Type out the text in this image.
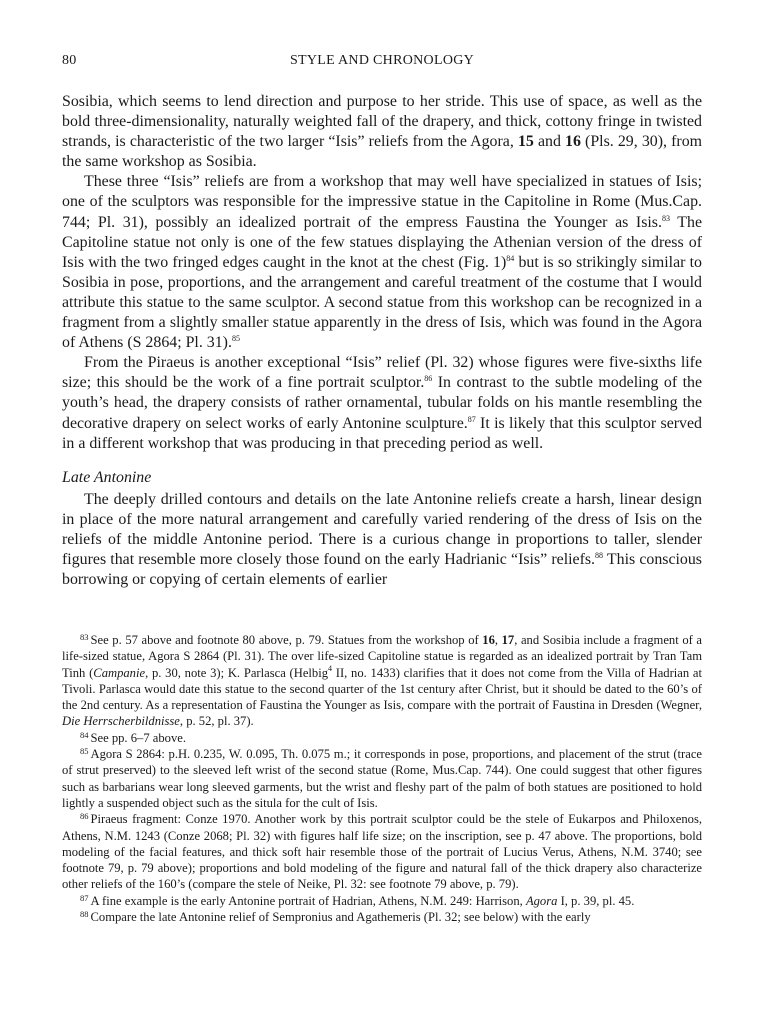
80	STYLE AND CHRONOLOGY

Sosibia, which seems to lend direction and purpose to her stride. This use of space, as well as the bold three-dimensionality, naturally weighted fall of the drapery, and thick, cottony fringe in twisted strands, is characteristic of the two larger “Isis” reliefs from the Agora, 15 and 16 (Pls. 29, 30), from the same workshop as Sosibia.

These three “Isis” reliefs are from a workshop that may well have specialized in statues of Isis; one of the sculptors was responsible for the impressive statue in the Capitoline in Rome (Mus.Cap. 744; Pl. 31), possibly an idealized portrait of the empress Faustina the Younger as Isis.$^{83}$ The Capitoline statue not only is one of the few statues displaying the Athenian version of the dress of Isis with the two fringed edges caught in the knot at the chest (Fig. 1)$^{84}$ but is so strikingly similar to Sosibia in pose, proportions, and the arrangement and careful treatment of the costume that I would attribute this statue to the same sculptor. A second statue from this workshop can be recognized in a fragment from a slightly smaller statue apparently in the dress of Isis, which was found in the Agora of Athens (S 2864; Pl. 31).$^{85}$

From the Piraeus is another exceptional “Isis” relief (Pl. 32) whose figures were five-sixths life size; this should be the work of a fine portrait sculptor.$^{86}$ In contrast to the subtle modeling of the youth’s head, the drapery consists of rather ornamental, tubular folds on his mantle resembling the decorative drapery on select works of early Antonine sculpture.$^{87}$ It is likely that this sculptor served in a different workshop that was producing in that preceding period as well.

Late Antonine

The deeply drilled contours and details on the late Antonine reliefs create a harsh, linear design in place of the more natural arrangement and carefully varied rendering of the dress of Isis on the reliefs of the middle Antonine period. There is a curious change in proportions to taller, slender figures that resemble more closely those found on the early Hadrianic “Isis” reliefs.$^{88}$ This conscious borrowing or copying of certain elements of earlier

$^{83}$ See p. 57 above and footnote 80 above, p. 79. Statues from the workshop of 16, 17, and Sosibia include a fragment of a life-sized statue, Agora S 2864 (Pl. 31). The over life-sized Capitoline statue is regarded as an idealized portrait by Tran Tam Tinh (Campanie, p. 30, note 3); K. Parlasca (Helbig$^4$ II, no. 1433) clarifies that it does not come from the Villa of Hadrian at Tivoli. Parlasca would date this statue to the second quarter of the 1st century after Christ, but it should be dated to the 60’s of the 2nd century. As a representation of Faustina the Younger as Isis, compare with the portrait of Faustina in Dresden (Wegner, Die Herrscherbildnisse, p. 52, pl. 37).

$^{84}$ See pp. 6–7 above.

$^{85}$ Agora S 2864: p.H. 0.235, W. 0.095, Th. 0.075 m.; it corresponds in pose, proportions, and placement of the strut (trace of strut preserved) to the sleeved left wrist of the second statue (Rome, Mus.Cap. 744). One could suggest that other figures such as barbarians wear long sleeved garments, but the wrist and fleshy part of the palm of both statues are positioned to hold lightly a suspended object such as the situla for the cult of Isis.

$^{86}$ Piraeus fragment: Conze 1970. Another work by this portrait sculptor could be the stele of Eukarpos and Philoxenos, Athens, N.M. 1243 (Conze 2068; Pl. 32) with figures half life size; on the inscription, see p. 47 above. The proportions, bold modeling of the facial features, and thick soft hair resemble those of the portrait of Lucius Verus, Athens, N.M. 3740; see footnote 79, p. 79 above); proportions and bold modeling of the figure and natural fall of the thick drapery also characterize other reliefs of the 160’s (compare the stele of Neike, Pl. 32: see footnote 79 above, p. 79).

$^{87}$ A fine example is the early Antonine portrait of Hadrian, Athens, N.M. 249: Harrison, Agora I, p. 39, pl. 45.

$^{88}$ Compare the late Antonine relief of Sempronius and Agathemeris (Pl. 32; see below) with the early
